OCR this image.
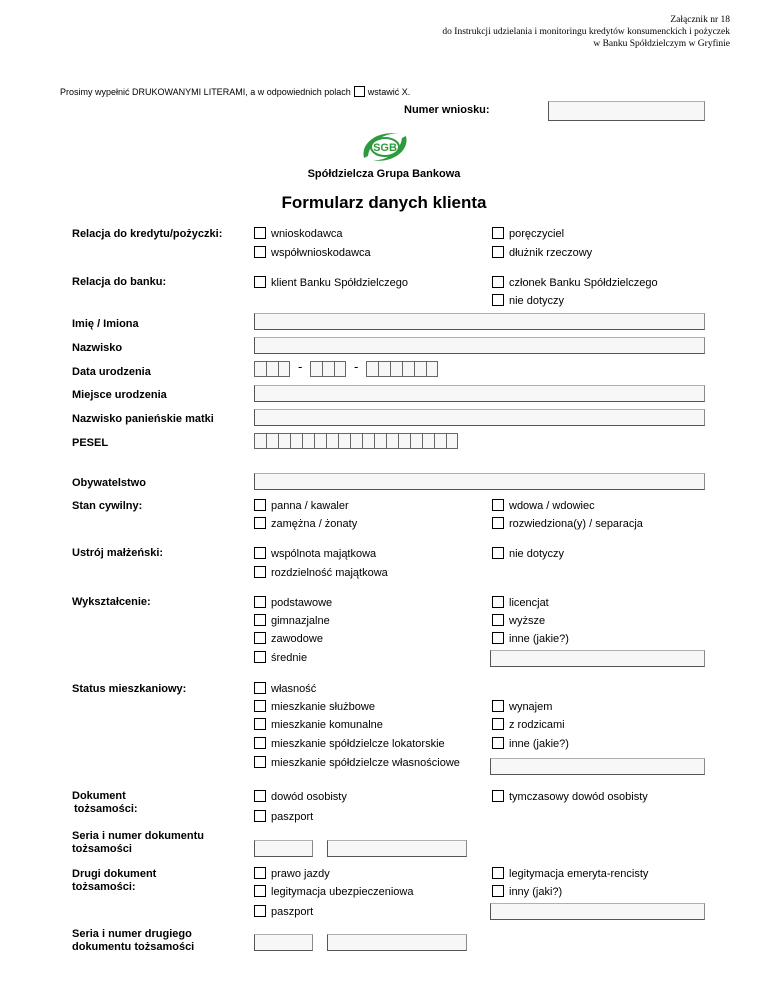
Załącznik nr 18
do Instrukcji udzielania i monitoringu kredytów konsumenckich i pożyczek
w Banku Spółdzielczym w Gryfinie
Prosimy wypełnić DRUKOWANYMI LITERAMI, a w odpowiednich polach wstawić X.
Numer wniosku:
SGB
Spółdzielcza Grupa Bankowa
Formularz danych klienta
Relacja do kredytu/pożyczki:	wnioskodawca	poręczyciel
współwnioskodawca	dłużnik rzeczowy
Relacja do banku:	klient Banku Spółdzielczego	członek Banku Spółdzielczego
nie dotyczy
Imię / Imiona
Nazwisko
Data urodzenia	-	-
Miejsce urodzenia
Nazwisko panieńskie matki
PESEL
Obywatelstwo
Stan cywilny:	panna / kawaler	wdowa / wdowiec
zamężna / żonaty	rozwiedziona(y) / separacja
Ustrój małżeński:	wspólnota majątkowa	nie dotyczy
rozdzielność majątkowa
Wykształcenie:	podstawowe	licencjat
gimnazjalne	wyższe
zawodowe	inne (jakie?)
średnie
Status mieszkaniowy:	własność
mieszkanie służbowe	wynajem
mieszkanie komunalne	z rodzicami
mieszkanie spółdzielcze lokatorskie	inne (jakie?)
mieszkanie spółdzielcze własnościowe
Dokument
tożsamości:
dowód osobisty	tymczasowy dowód osobisty
paszport
Seria i numer dokumentu
tożsamości
Drugi dokument
tożsamości:
prawo jazdy	legitymacja emeryta-rencisty
legitymacja ubezpieczeniowa	inny (jaki?)
paszport
Seria i numer drugiego
dokumentu tożsamości
